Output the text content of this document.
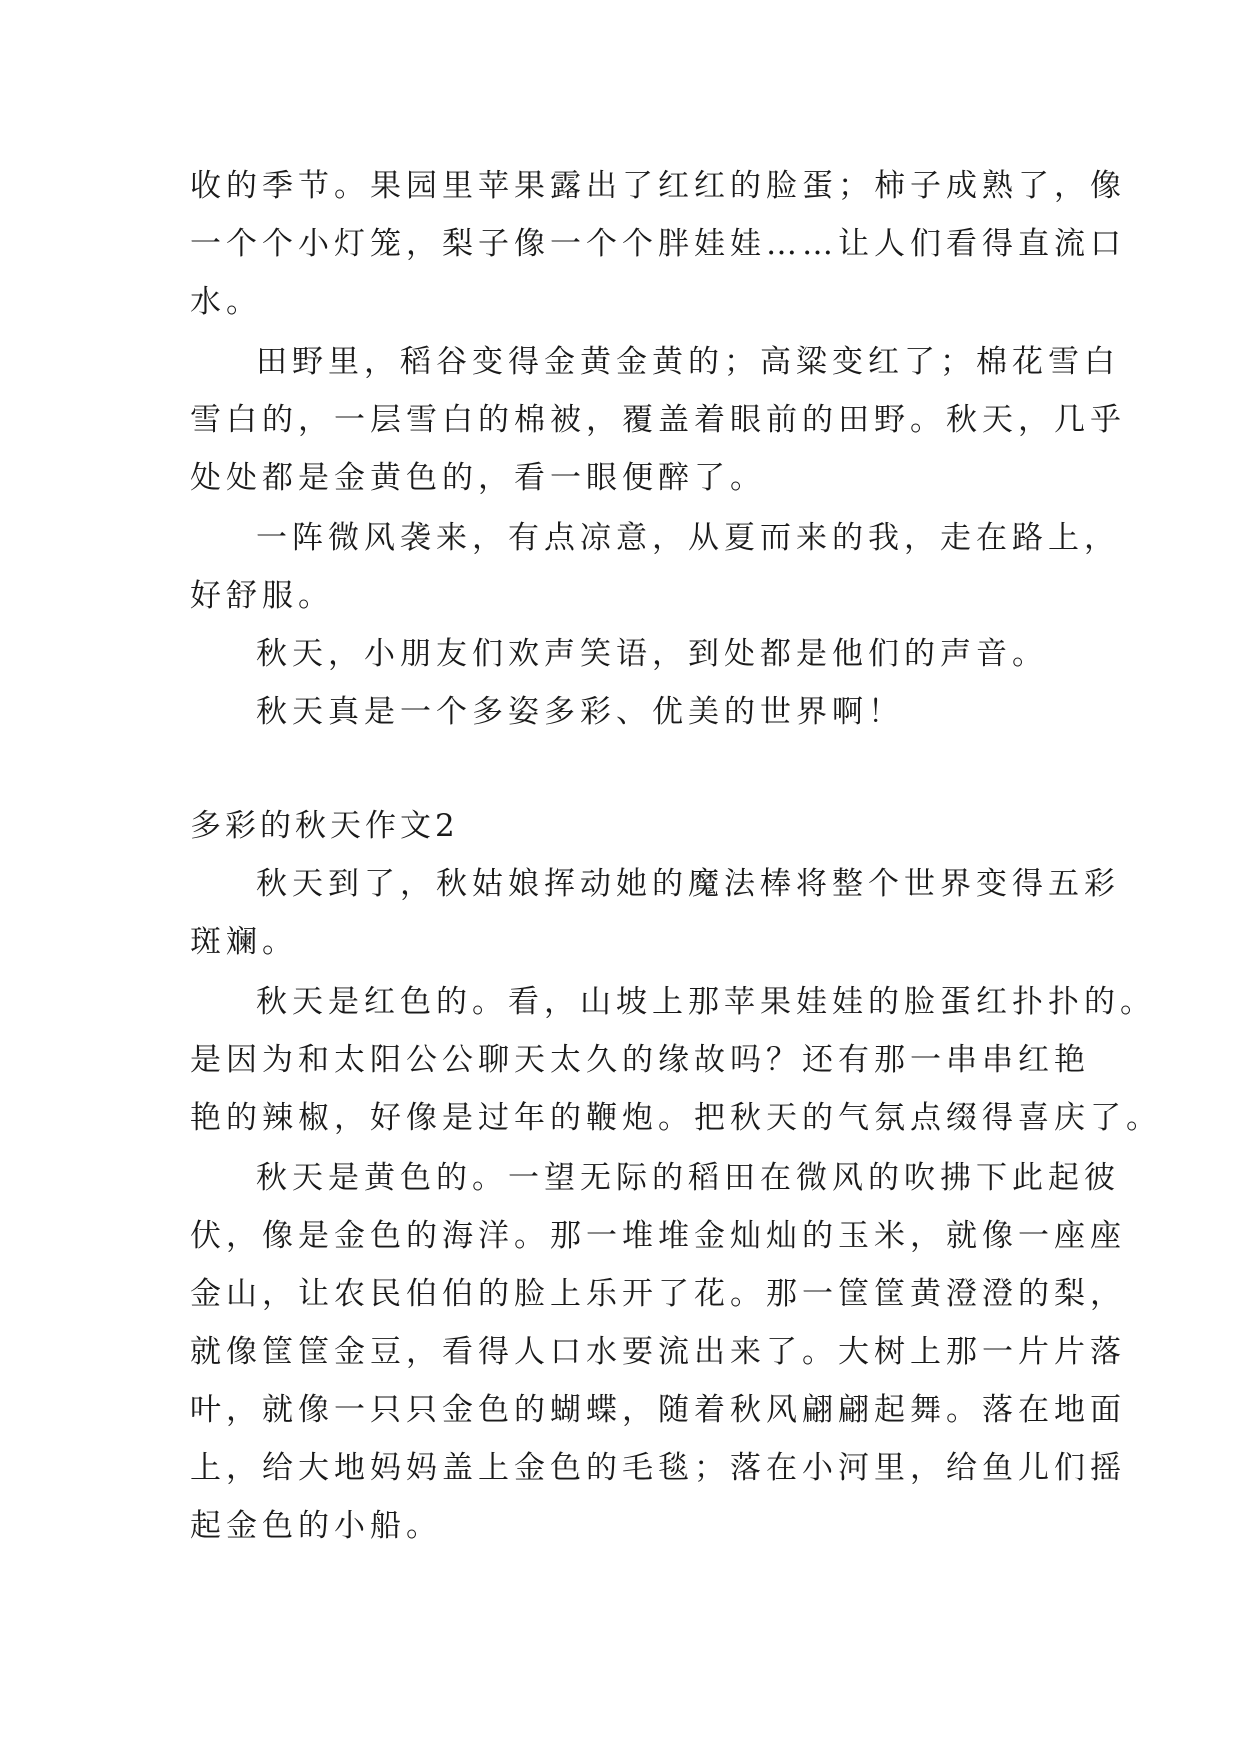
收的季节。果园里苹果露出了红红的脸蛋；柿子成熟了，像
一个个小灯笼，梨子像一个个胖娃娃……让人们看得直流口
水。
田野里，稻谷变得金黄金黄的；高粱变红了；棉花雪白
雪白的，一层雪白的棉被，覆盖着眼前的田野。秋天，几乎
处处都是金黄色的，看一眼便醉了。
一阵微风袭来，有点凉意，从夏而来的我，走在路上，
好舒服。
秋天，小朋友们欢声笑语，到处都是他们的声音。
秋天真是一个多姿多彩、优美的世界啊！
多彩的秋天作文2
秋天到了，秋姑娘挥动她的魔法棒将整个世界变得五彩
斑斓。
秋天是红色的。看，山坡上那苹果娃娃的脸蛋红扑扑的。
是因为和太阳公公聊天太久的缘故吗？还有那一串串红艳
艳的辣椒，好像是过年的鞭炮。把秋天的气氛点缀得喜庆了。
秋天是黄色的。一望无际的稻田在微风的吹拂下此起彼
伏，像是金色的海洋。那一堆堆金灿灿的玉米，就像一座座
金山，让农民伯伯的脸上乐开了花。那一筐筐黄澄澄的梨，
就像筐筐金豆，看得人口水要流出来了。大树上那一片片落
叶，就像一只只金色的蝴蝶，随着秋风翩翩起舞。落在地面
上，给大地妈妈盖上金色的毛毯；落在小河里，给鱼儿们摇
起金色的小船。
